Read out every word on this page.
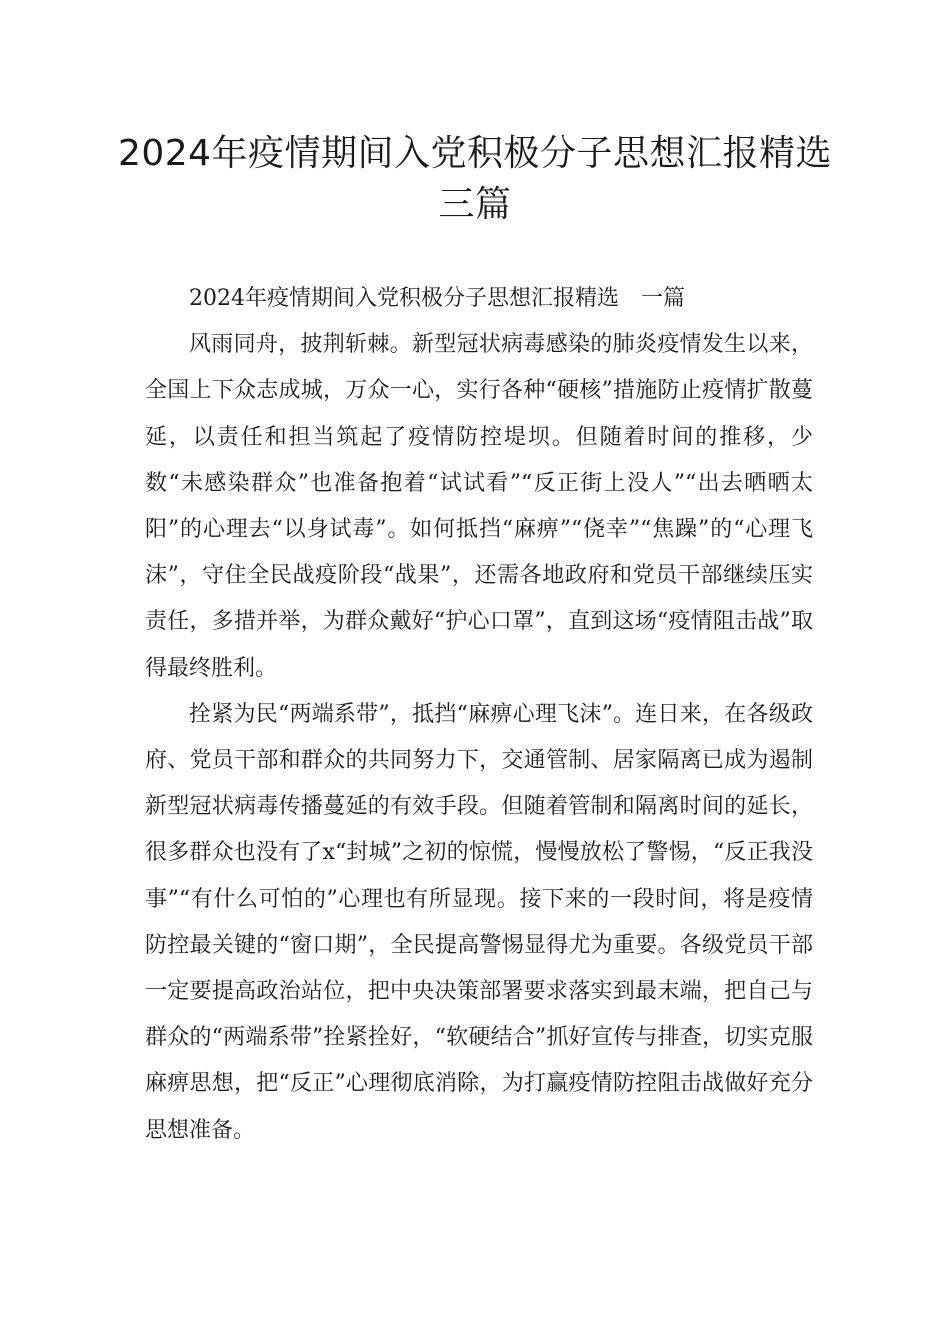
2024年疫情期间入党积极分子思想汇报精选三篇

2024年疫情期间入党积极分子思想汇报精选　一篇

风雨同舟，披荆斩棘。新型冠状病毒感染的肺炎疫情发生以来，全国上下众志成城，万众一心，实行各种“硬核”措施防止疫情扩散蔓延，以责任和担当筑起了疫情防控堤坝。但随着时间的推移，少数“未感染群众”也准备抱着“试试看”“反正街上没人”“出去晒晒太阳”的心理去“以身试毒”。如何抵挡“麻痹”“侥幸”“焦躁”的“心理飞沫”，守住全民战疫阶段“战果”，还需各地政府和党员干部继续压实责任，多措并举，为群众戴好“护心口罩”，直到这场“疫情阻击战”取得最终胜利。

拴紧为民“两端系带”，抵挡“麻痹心理飞沫”。连日来，在各级政府、党员干部和群众的共同努力下，交通管制、居家隔离已成为遏制新型冠状病毒传播蔓延的有效手段。但随着管制和隔离时间的延长，很多群众也没有了x“封城”之初的惊慌，慢慢放松了警惕，“反正我没事”“有什么可怕的”心理也有所显现。接下来的一段时间，将是疫情防控最关键的“窗口期”，全民提高警惕显得尤为重要。各级党员干部一定要提高政治站位，把中央决策部署要求落实到最末端，把自己与群众的“两端系带”拴紧拴好，“软硬结合”抓好宣传与排查，切实克服麻痹思想，把“反正”心理彻底消除，为打赢疫情防控阻击战做好充分思想准备。
